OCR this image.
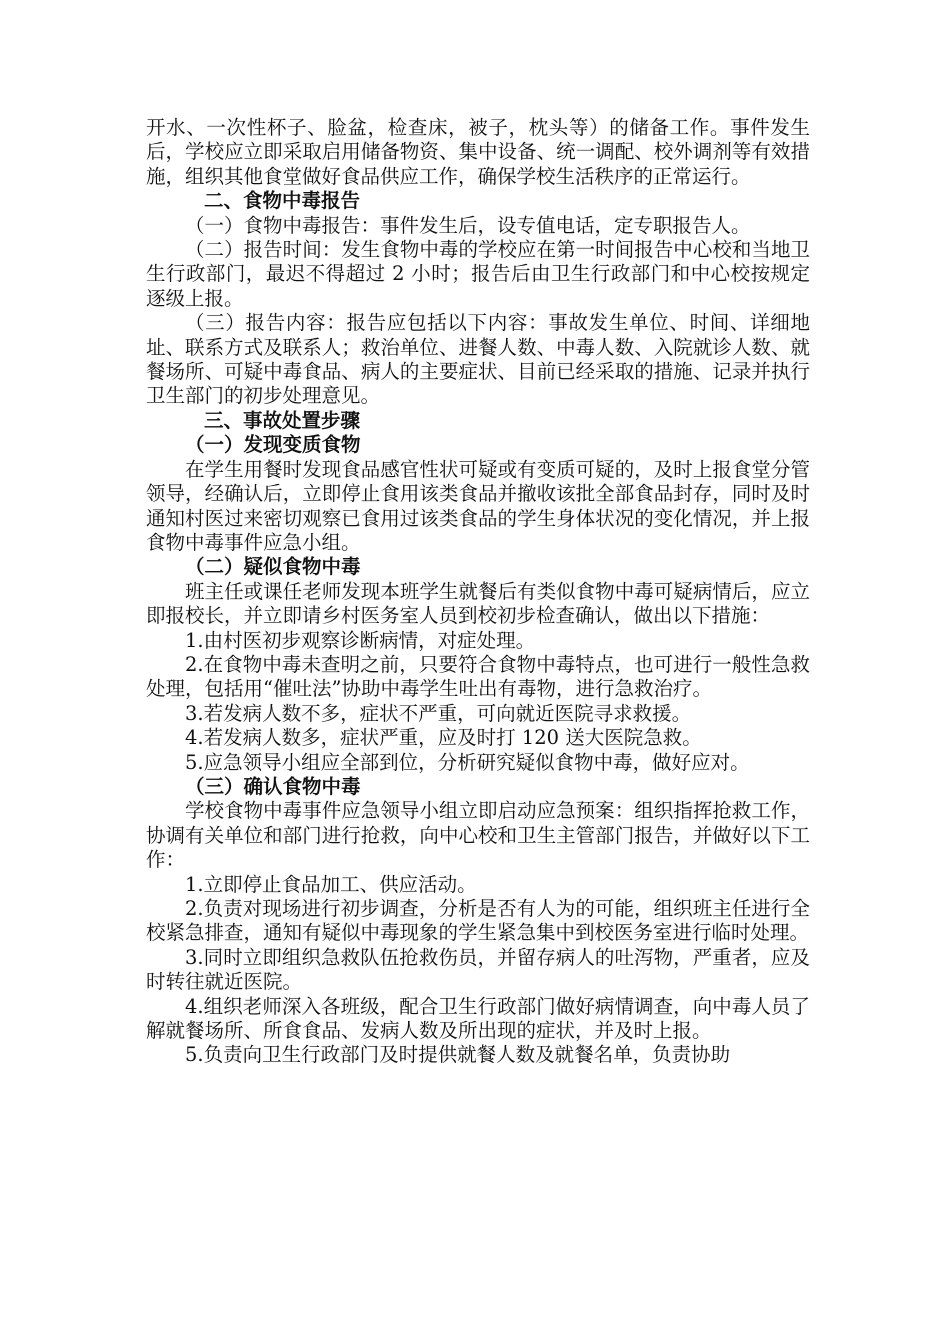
开水、一次性杯子、脸盆，检查床，被子，枕头等）的储备工作。事件发生后，学校应立即采取启用储备物资、集中设备、统一调配、校外调剂等有效措施，组织其他食堂做好食品供应工作，确保学校生活秩序的正常运行。

二、食物中毒报告

（一）食物中毒报告：事件发生后，设专值电话，定专职报告人。

（二）报告时间：发生食物中毒的学校应在第一时间报告中心校和当地卫生行政部门，最迟不得超过 2 小时；报告后由卫生行政部门和中心校按规定逐级上报。

（三）报告内容：报告应包括以下内容：事故发生单位、时间、详细地址、联系方式及联系人；救治单位、进餐人数、中毒人数、入院就诊人数、就餐场所、可疑中毒食品、病人的主要症状、目前已经采取的措施、记录并执行卫生部门的初步处理意见。

三、事故处置步骤

（一）发现变质食物

在学生用餐时发现食品感官性状可疑或有变质可疑的，及时上报食堂分管领导，经确认后，立即停止食用该类食品并撤收该批全部食品封存，同时及时通知村医过来密切观察已食用过该类食品的学生身体状况的变化情况，并上报食物中毒事件应急小组。

（二）疑似食物中毒

班主任或课任老师发现本班学生就餐后有类似食物中毒可疑病情后，应立即报校长，并立即请乡村医务室人员到校初步检查确认，做出以下措施：

1.由村医初步观察诊断病情，对症处理。

2.在食物中毒未查明之前，只要符合食物中毒特点，也可进行一般性急救处理，包括用“催吐法”协助中毒学生吐出有毒物，进行急救治疗。

3.若发病人数不多，症状不严重，可向就近医院寻求救援。

4.若发病人数多，症状严重，应及时打 120 送大医院急救。

5.应急领导小组应全部到位，分析研究疑似食物中毒，做好应对。

（三）确认食物中毒

学校食物中毒事件应急领导小组立即启动应急预案：组织指挥抢救工作，协调有关单位和部门进行抢救，向中心校和卫生主管部门报告，并做好以下工作：

1.立即停止食品加工、供应活动。

2.负责对现场进行初步调查，分析是否有人为的可能，组织班主任进行全校紧急排查，通知有疑似中毒现象的学生紧急集中到校医务室进行临时处理。

3.同时立即组织急救队伍抢救伤员，并留存病人的吐泻物，严重者，应及时转往就近医院。

4.组织老师深入各班级，配合卫生行政部门做好病情调查，向中毒人员了解就餐场所、所食食品、发病人数及所出现的症状，并及时上报。

5.负责向卫生行政部门及时提供就餐人数及就餐名单，负责协助
